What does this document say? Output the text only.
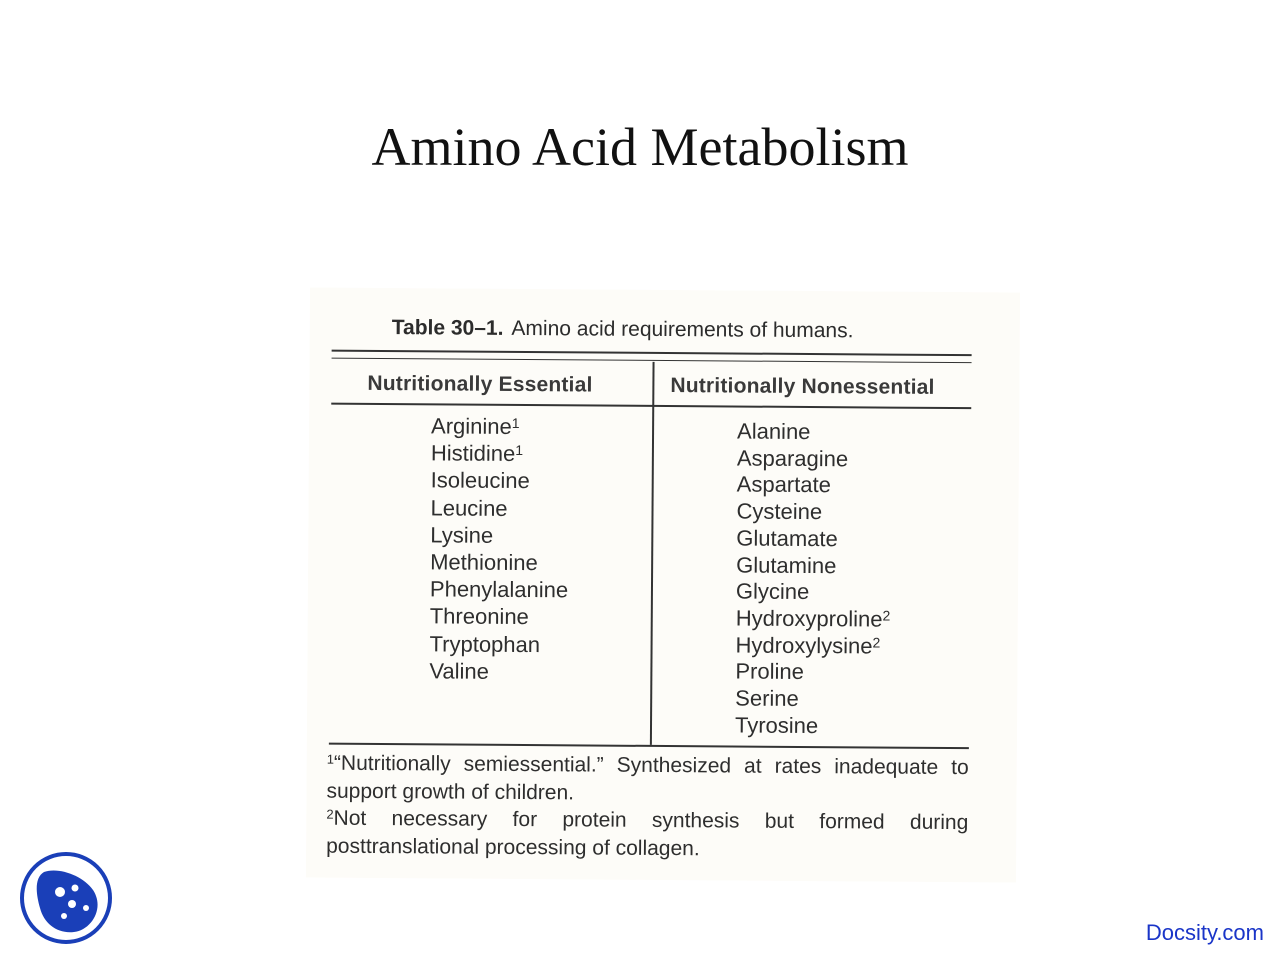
Amino Acid Metabolism
Table 30–1. Amino acid requirements of humans.
Nutritionally Essential	Nutritionally Nonessential
Arginine$^1$
Histidine$^1$
Isoleucine
Leucine
Lysine
Methionine
Phenylalanine
Threonine
Tryptophan
Valine
Alanine
Asparagine
Aspartate
Cysteine
Glutamate
Glutamine
Glycine
Hydroxyproline$^2$
Hydroxylysine$^2$
Proline
Serine
Tyrosine

$^1$“Nutritionally semiessential.” Synthesized at rates inadequate to support growth of children.

$^2$Not necessary for protein synthesis but formed during posttranslational processing of collagen.

Docsity.com
